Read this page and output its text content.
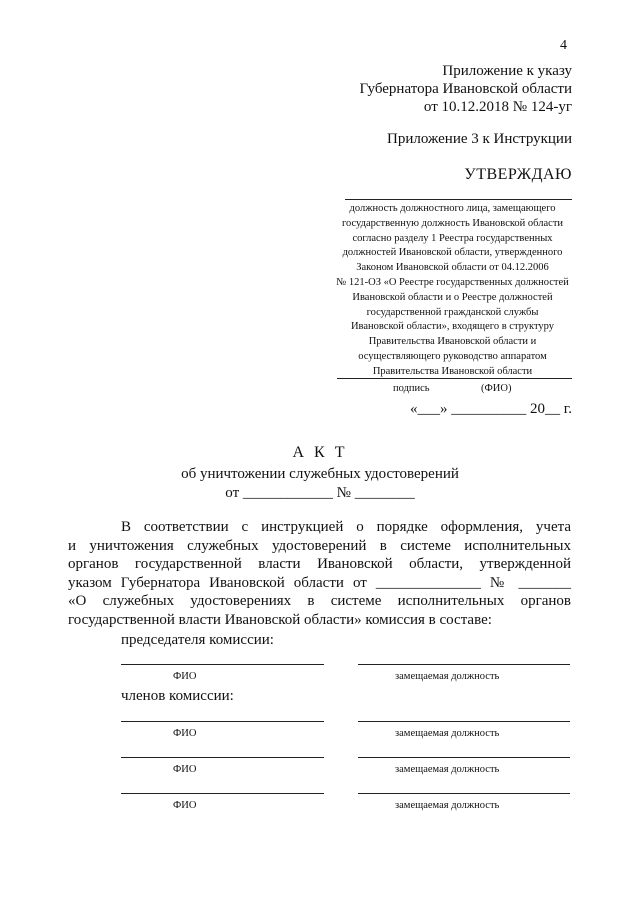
4
Приложение к указу
Губернатора Ивановской области
от 10.12.2018 № 124-уг
Приложение 3 к Инструкции
УТВЕРЖДАЮ
должность должностного лица, замещающего
государственную должность Ивановской области
согласно разделу 1 Реестра государственных
должностей Ивановской области, утвержденного
Законом Ивановской области от 04.12.2006
№ 121-ОЗ «О Реестре государственных должностей
Ивановской области и о Реестре должностей
государственной гражданской службы
Ивановской области», входящего в структуру
Правительства Ивановской области и
осуществляющего руководство аппаратом
Правительства Ивановской области
подпись	(ФИО)
«___» __________ 20__ г.
А К Т
об уничтожении служебных удостоверений
от ____________ № ________
В соответствии с инструкцией о порядке оформления, учета
и уничтожения служебных удостоверений в системе исполнительных
органов государственной власти Ивановской области, утвержденной
указом Губернатора Ивановской области от ______________ № _______
«О служебных удостоверениях в системе исполнительных органов
государственной власти Ивановской области» комиссия в составе:
председателя комиссии:
ФИО	замещаемая должность
членов комиссии:
ФИО	замещаемая должность
ФИО	замещаемая должность
ФИО	замещаемая должность
